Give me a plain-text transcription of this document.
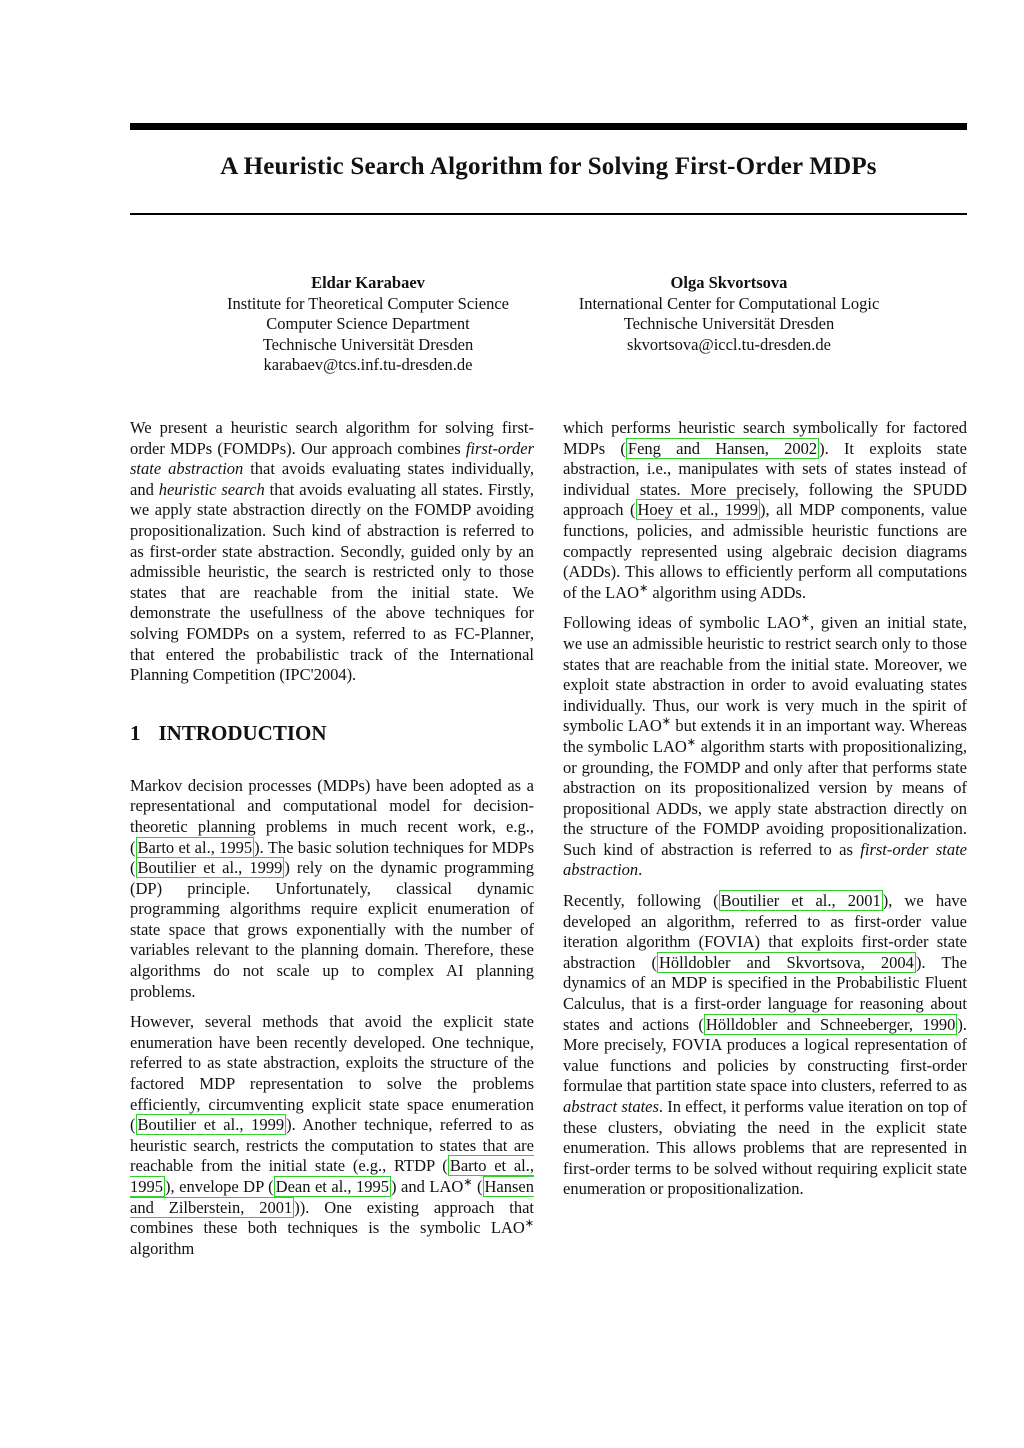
A Heuristic Search Algorithm for Solving First-Order MDPs
Eldar Karabaev
Institute for Theoretical Computer Science
Computer Science Department
Technische Universität Dresden
karabaev@tcs.inf.tu-dresden.de
Olga Skvortsova
International Center for Computational Logic
Technische Universität Dresden
skvortsova@iccl.tu-dresden.de

We present a heuristic search algorithm for solving first-order MDPs (FOMDPs). Our approach combines first-order state abstraction that avoids evaluating states individually, and heuristic search that avoids evaluating all states. Firstly, we apply state abstraction directly on the FOMDP avoiding propositionalization. Such kind of abstraction is referred to as first-order state abstraction. Secondly, guided only by an admissible heuristic, the search is restricted only to those states that are reachable from the initial state. We demonstrate the usefullness of the above techniques for solving FOMDPs on a system, referred to as FC-Planner, that entered the probabilistic track of the International Planning Competition (IPC'2004).

1 INTRODUCTION

Markov decision processes (MDPs) have been adopted as a representational and computational model for decision-theoretic planning problems in much recent work, e.g., ( Barto et al., 1995 ). The basic solution techniques for MDPs ( Boutilier et al., 1999 ) rely on the dynamic programming (DP) principle. Unfortunately, classical dynamic programming algorithms require explicit enumeration of state space that grows exponentially with the number of variables relevant to the planning domain. Therefore, these algorithms do not scale up to complex AI planning problems.

However, several methods that avoid the explicit state enumeration have been recently developed. One technique, referred to as state abstraction, exploits the structure of the factored MDP representation to solve the problems efficiently, circumventing explicit state space enumeration ( Boutilier et al., 1999 ). Another technique, referred to as heuristic search, restricts the computation to states that are reachable from the initial state (e.g., RTDP ( Barto et al., 1995 ), envelope DP ( Dean et al., 1995 ) and LAO∗ ( Hansen and Zilberstein, 2001 )). One existing approach that combines these both techniques is the symbolic LAO∗ algorithm

which performs heuristic search symbolically for factored MDPs ( Feng and Hansen, 2002 ). It exploits state abstraction, i.e., manipulates with sets of states instead of individual states. More precisely, following the SPUDD approach ( Hoey et al., 1999 ), all MDP components, value functions, policies, and admissible heuristic functions are compactly represented using algebraic decision diagrams (ADDs). This allows to efficiently perform all computations of the LAO∗ algorithm using ADDs.

Following ideas of symbolic LAO∗, given an initial state, we use an admissible heuristic to restrict search only to those states that are reachable from the initial state. Moreover, we exploit state abstraction in order to avoid evaluating states individually. Thus, our work is very much in the spirit of symbolic LAO∗ but extends it in an important way. Whereas the symbolic LAO∗ algorithm starts with propositionalizing, or grounding, the FOMDP and only after that performs state abstraction on its propositionalized version by means of propositional ADDs, we apply state abstraction directly on the structure of the FOMDP avoiding propositionalization. Such kind of abstraction is referred to as first-order state abstraction.

Recently, following ( Boutilier et al., 2001 ), we have developed an algorithm, referred to as first-order value iteration algorithm (FOVIA) that exploits first-order state abstraction ( Hölldobler and Skvortsova, 2004 ). The dynamics of an MDP is specified in the Probabilistic Fluent Calculus, that is a first-order language for reasoning about states and actions ( Hölldobler and Schneeberger, 1990 ). More precisely, FOVIA produces a logical representation of value functions and policies by constructing first-order formulae that partition state space into clusters, referred to as abstract states. In effect, it performs value iteration on top of these clusters, obviating the need in the explicit state enumeration. This allows problems that are represented in first-order terms to be solved without requiring explicit state enumeration or propositionalization.
